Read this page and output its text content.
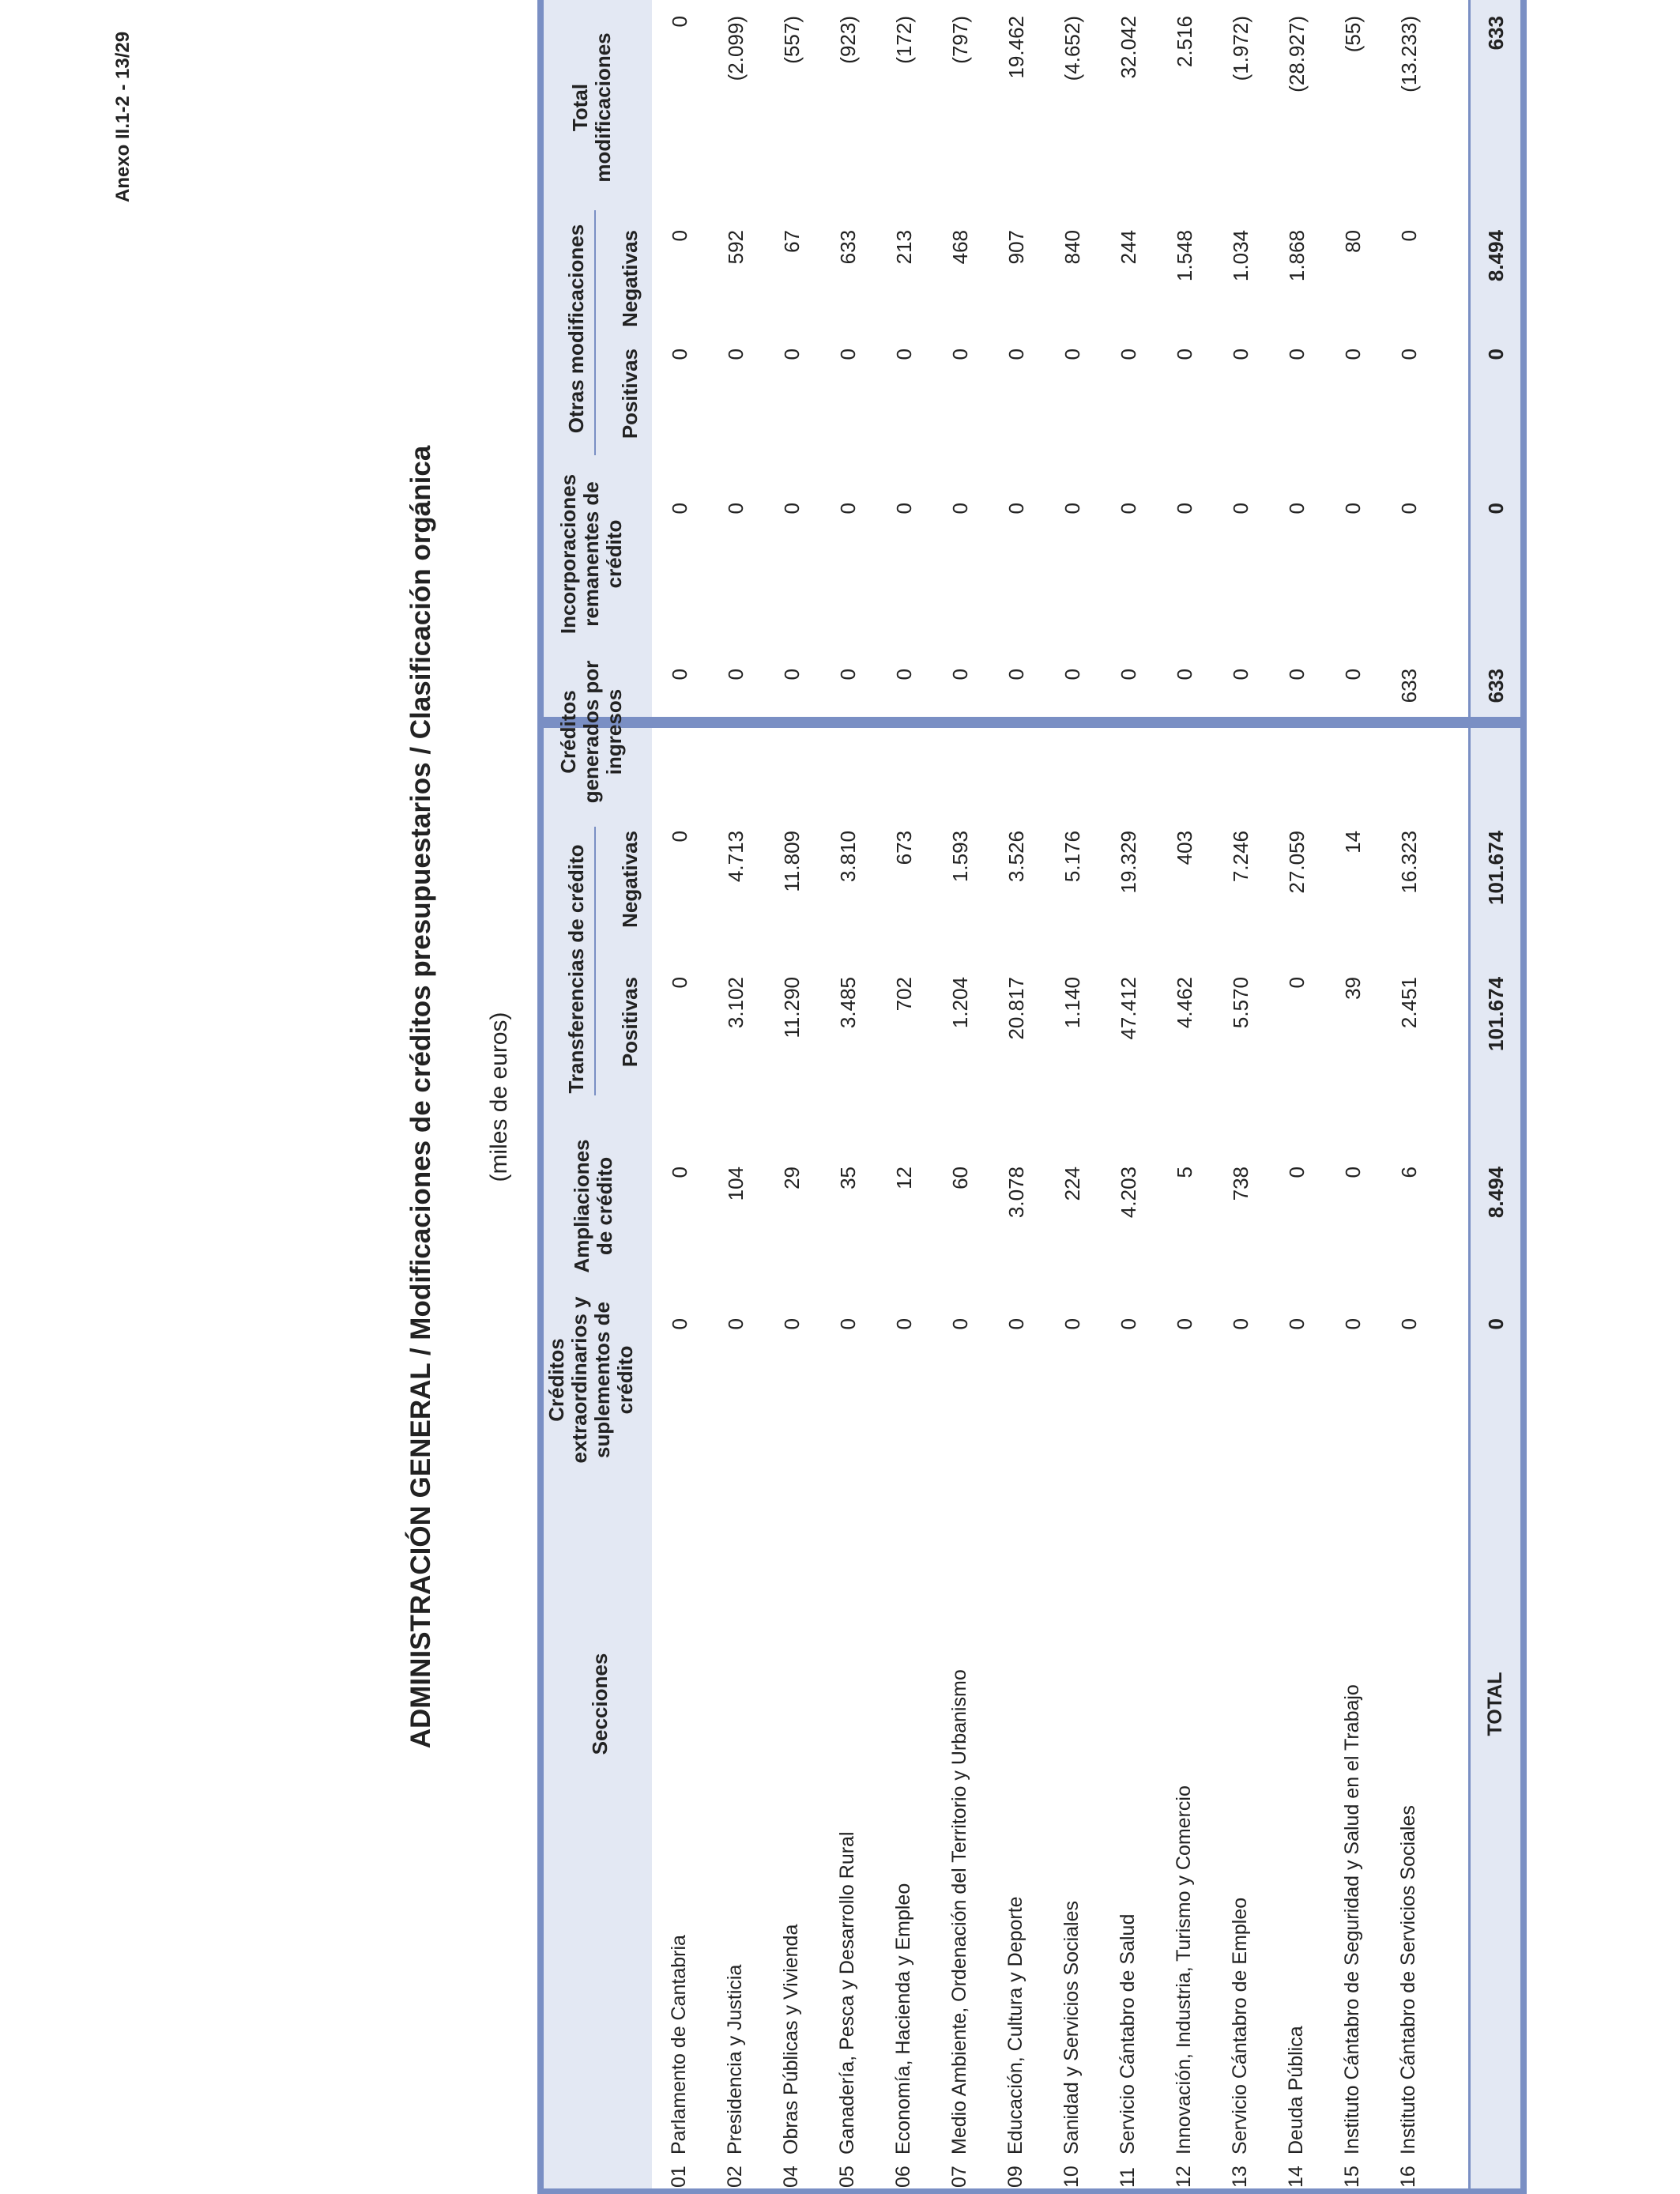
Anexo II.1-2 - 13/29
ADMINISTRACIÓN GENERAL / Modificaciones de créditos presupuestarios / Clasificación orgánica (miles de euros)
Secciones
Créditos extraordinarios y suplementos de crédito
Ampliaciones de crédito
Transferencias de crédito Positivas
Negativas
Créditos generados por ingresos
Incorporaciones remanentes de crédito
Otras modificaciones Positivas
Negativas
Total modificaciones
01Parlamento de Cantabria
0
0
0
0
0
0
0
0
0
02Presidencia y Justicia
0
104
3.102
4.713
0
0
0
592
(2.099)
04Obras Públicas y Vivienda
0
29
11.290
11.809
0
0
0
67
(557)
05Ganadería, Pesca y Desarrollo Rural
0
35
3.485
3.810
0
0
0
633
(923)
06Economía, Hacienda y Empleo
0
12
702
673
0
0
0
213
(172)
07Medio Ambiente, Ordenación del Territorio y Urbanismo
0
60
1.204
1.593
0
0
0
468
(797)
09Educación, Cultura y Deporte
0
3.078
20.817
3.526
0
0
0
907
19.462
10Sanidad y Servicios Sociales
0
224
1.140
5.176
0
0
0
840
(4.652)
11Servicio Cántabro de Salud
0
4.203
47.412
19.329
0
0
0
244
32.042
12Innovación, Industria, Turismo y Comercio
0
5
4.462
403
0
0
0
1.548
2.516
13Servicio Cántabro de Empleo
0
738
5.570
7.246
0
0
0
1.034
(1.972)
14Deuda Pública
0
0
0
27.059
0
0
0
1.868
(28.927)
15Instituto Cántabro de Seguridad y Salud en el Trabajo
0
0
39
14
0
0
0
80
(55)
16Instituto Cántabro de Servicios Sociales
0
6
2.451
16.323
633
0
0
0
(13.233)
TOTAL
0
8.494
101.674
101.674
633
0
0
8.494
633
